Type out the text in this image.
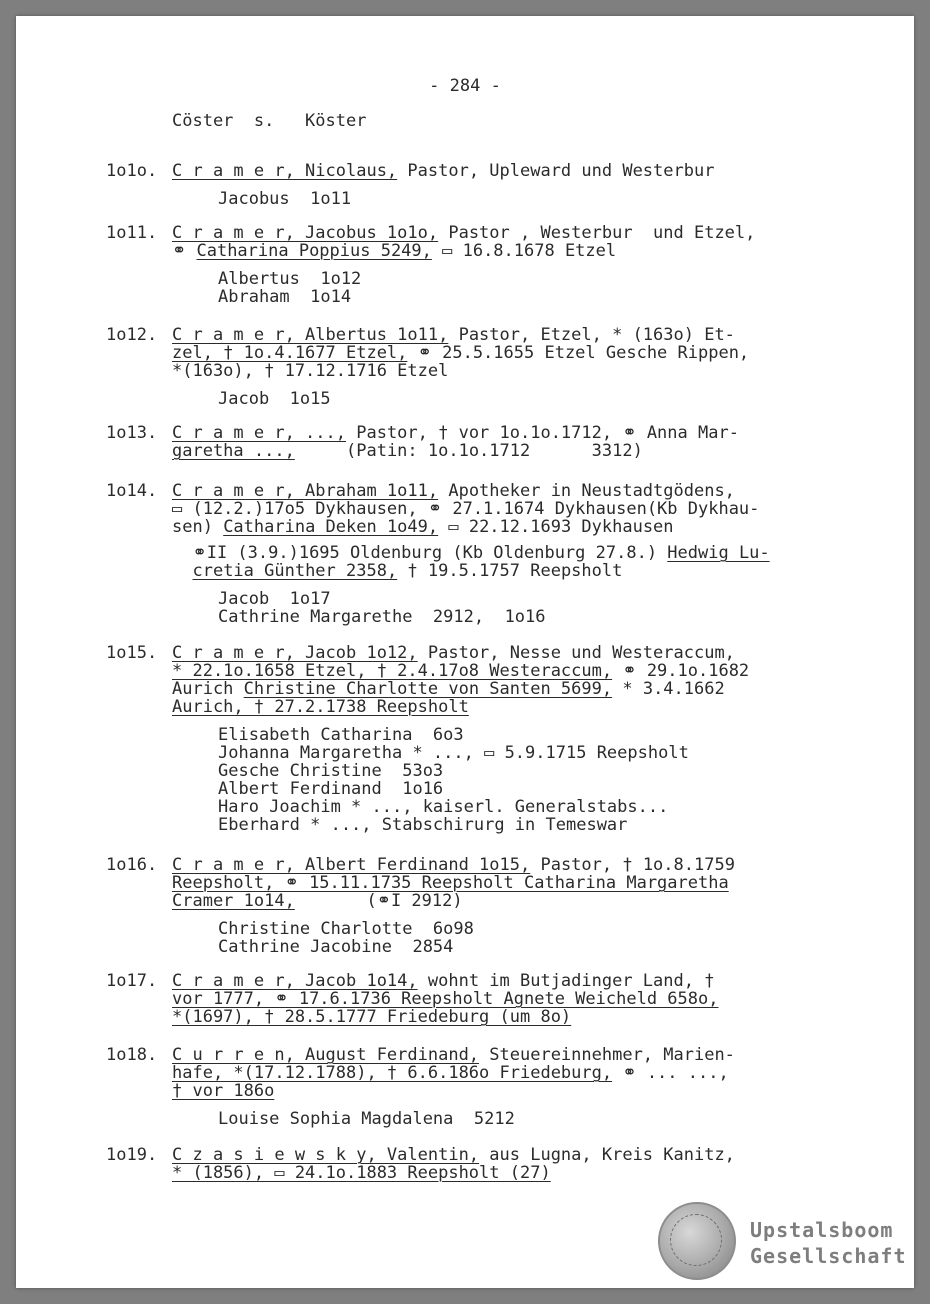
- 284 -
Cöster  s.   Köster
1o1o. C r a m e r, Nicolaus, Pastor, Upleward und Westerbur
Jacobus  1o11
1o11. C r a m e r, Jacobus 1o1o, Pastor , Westerbur  und Etzel,
⚭ Catharina Poppius 5249, ▭ 16.8.1678 Etzel
Albertus  1o12
Abraham  1o14
1o12. C r a m e r, Albertus 1o11, Pastor, Etzel, * (163o) Et-
zel, † 1o.4.1677 Etzel, ⚭ 25.5.1655 Etzel Gesche Rippen,
*(163o), † 17.12.1716 Etzel
Jacob  1o15
1o13. C r a m e r, ..., Pastor, † vor 1o.1o.1712, ⚭ Anna Mar-
garetha ...,     (Patin: 1o.1o.1712      3312)
1o14. C r a m e r, Abraham 1o11, Apotheker in Neustadtgödens,
▭ (12.2.)17o5 Dykhausen, ⚭ 27.1.1674 Dykhausen(Kb Dykhau-
sen) Catharina Deken 1o49, ▭ 22.12.1693 Dykhausen
⚭II (3.9.)1695 Oldenburg (Kb Oldenburg 27.8.) Hedwig Lu-
cretia Günther 2358, † 19.5.1757 Reepsholt
Jacob  1o17
Cathrine Margarethe  2912,  1o16
1o15. C r a m e r, Jacob 1o12, Pastor, Nesse und Westeraccum,
* 22.1o.1658 Etzel, † 2.4.17o8 Westeraccum, ⚭ 29.1o.1682
Aurich Christine Charlotte von Santen 5699, * 3.4.1662
Aurich, † 27.2.1738 Reepsholt
Elisabeth Catharina  6o3
Johanna Margaretha * ..., ▭ 5.9.1715 Reepsholt
Gesche Christine  53o3
Albert Ferdinand  1o16
Haro Joachim * ..., kaiserl. Generalstabs...
Eberhard * ..., Stabschirurg in Temeswar
1o16. C r a m e r, Albert Ferdinand 1o15, Pastor, † 1o.8.1759
Reepsholt, ⚭ 15.11.1735 Reepsholt Catharina Margaretha
Cramer 1o14,       (⚭I 2912)
Christine Charlotte  6o98
Cathrine Jacobine  2854
1o17. C r a m e r, Jacob 1o14, wohnt im Butjadinger Land, †
vor 1777, ⚭ 17.6.1736 Reepsholt Agnete Weicheld 658o,
*(1697), † 28.5.1777 Friedeburg (um 8o)
1o18. C u r r e n, August Ferdinand, Steuereinnehmer, Marien-
hafe, *(17.12.1788), † 6.6.186o Friedeburg, ⚭ ... ...,
† vor 186o
Louise Sophia Magdalena  5212
1o19. C z a s i e w s k y, Valentin, aus Lugna, Kreis Kanitz,
* (1856), ▭ 24.1o.1883 Reepsholt (27)
Upstalsboom
Gesellschaft
